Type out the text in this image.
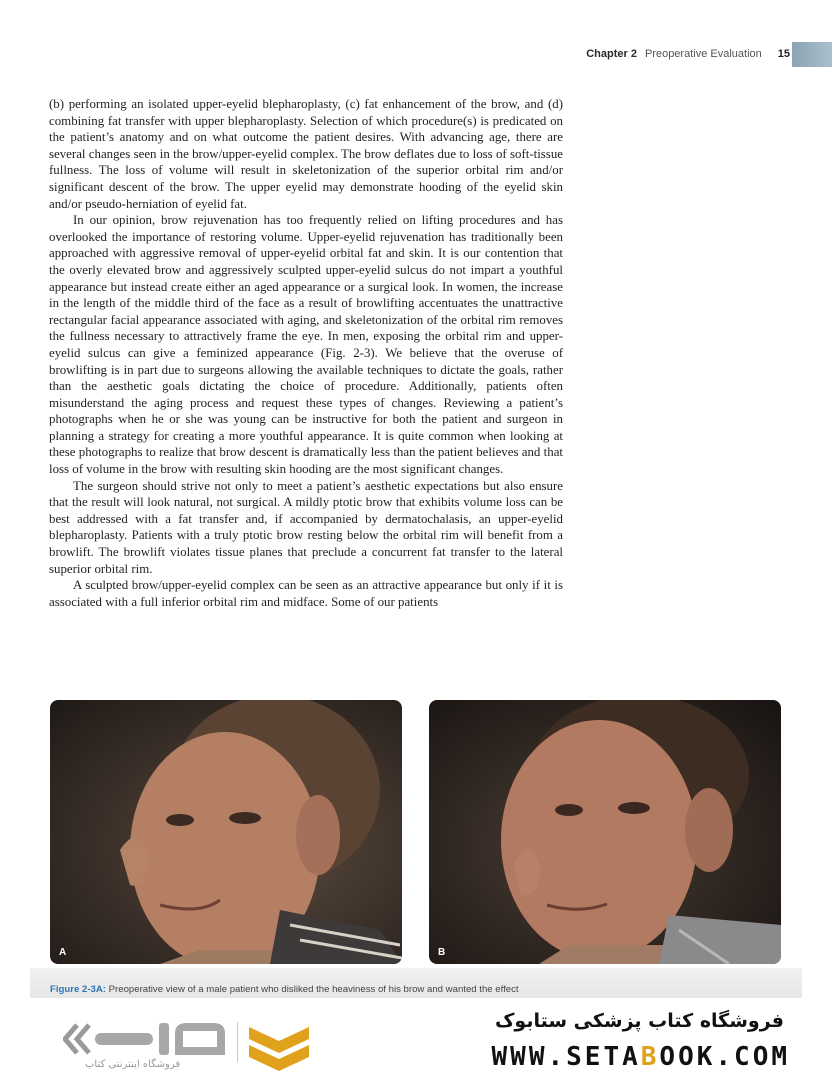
Chapter 2 Preoperative Evaluation 15

(b) performing an isolated upper-eyelid blepharoplasty, (c) fat enhancement of the brow, and (d) combining fat transfer with upper blepharoplasty. Selection of which procedure(s) is predicated on the patient’s anatomy and on what outcome the patient desires. With advancing age, there are several changes seen in the brow/upper-eyelid complex. The brow deflates due to loss of soft-tissue fullness. The loss of volume will result in skeletonization of the superior orbital rim and/or significant descent of the brow. The upper eyelid may demonstrate hooding of the eyelid skin and/or pseudo-herniation of eyelid fat.

In our opinion, brow rejuvenation has too frequently relied on lifting procedures and has overlooked the importance of restoring volume. Upper-eyelid rejuvenation has traditionally been approached with aggressive removal of upper-eyelid orbital fat and skin. It is our contention that the overly elevated brow and aggressively sculpted upper-eyelid sulcus do not impart a youthful appearance but instead create either an aged appearance or a surgical look. In women, the increase in the length of the middle third of the face as a result of browlifting accentuates the unattractive rectangular facial appearance associated with aging, and skeletonization of the orbital rim removes the fullness necessary to attractively frame the eye. In men, exposing the orbital rim and upper-eyelid sulcus can give a feminized appearance (Fig. 2-3). We believe that the overuse of browlifting is in part due to surgeons allowing the available techniques to dictate the goals, rather than the aesthetic goals dictating the choice of procedure. Additionally, patients often misunderstand the aging process and request these types of changes. Reviewing a patient’s photographs when he or she was young can be instructive for both the patient and surgeon in planning a strategy for creating a more youthful appearance. It is quite common when looking at these photographs to realize that brow descent is dramatically less than the patient believes and that loss of volume in the brow with resulting skin hooding are the most significant changes.

The surgeon should strive not only to meet a patient’s aesthetic expectations but also ensure that the result will look natural, not surgical. A mildly ptotic brow that exhibits volume loss can be best addressed with a fat transfer and, if accompanied by dermatochalasis, an upper-eyelid blepharoplasty. Patients with a truly ptotic brow resting below the orbital rim will benefit from a browlift. The browlift violates tissue planes that preclude a concurrent fat transfer to the lateral superior orbital rim.

A sculpted brow/upper-eyelid complex can be seen as an attractive appearance but only if it is associated with a full inferior orbital rim and midface. Some of our patients

A	B
Figure 2-3A: Preoperative view of a male patient who disliked the heaviness of his brow and wanted the effect
فروشگاه اینترنتی کتاب
فروشگاه کتاب پزشکی ستابوک
WWW.SETABOOK.COM
